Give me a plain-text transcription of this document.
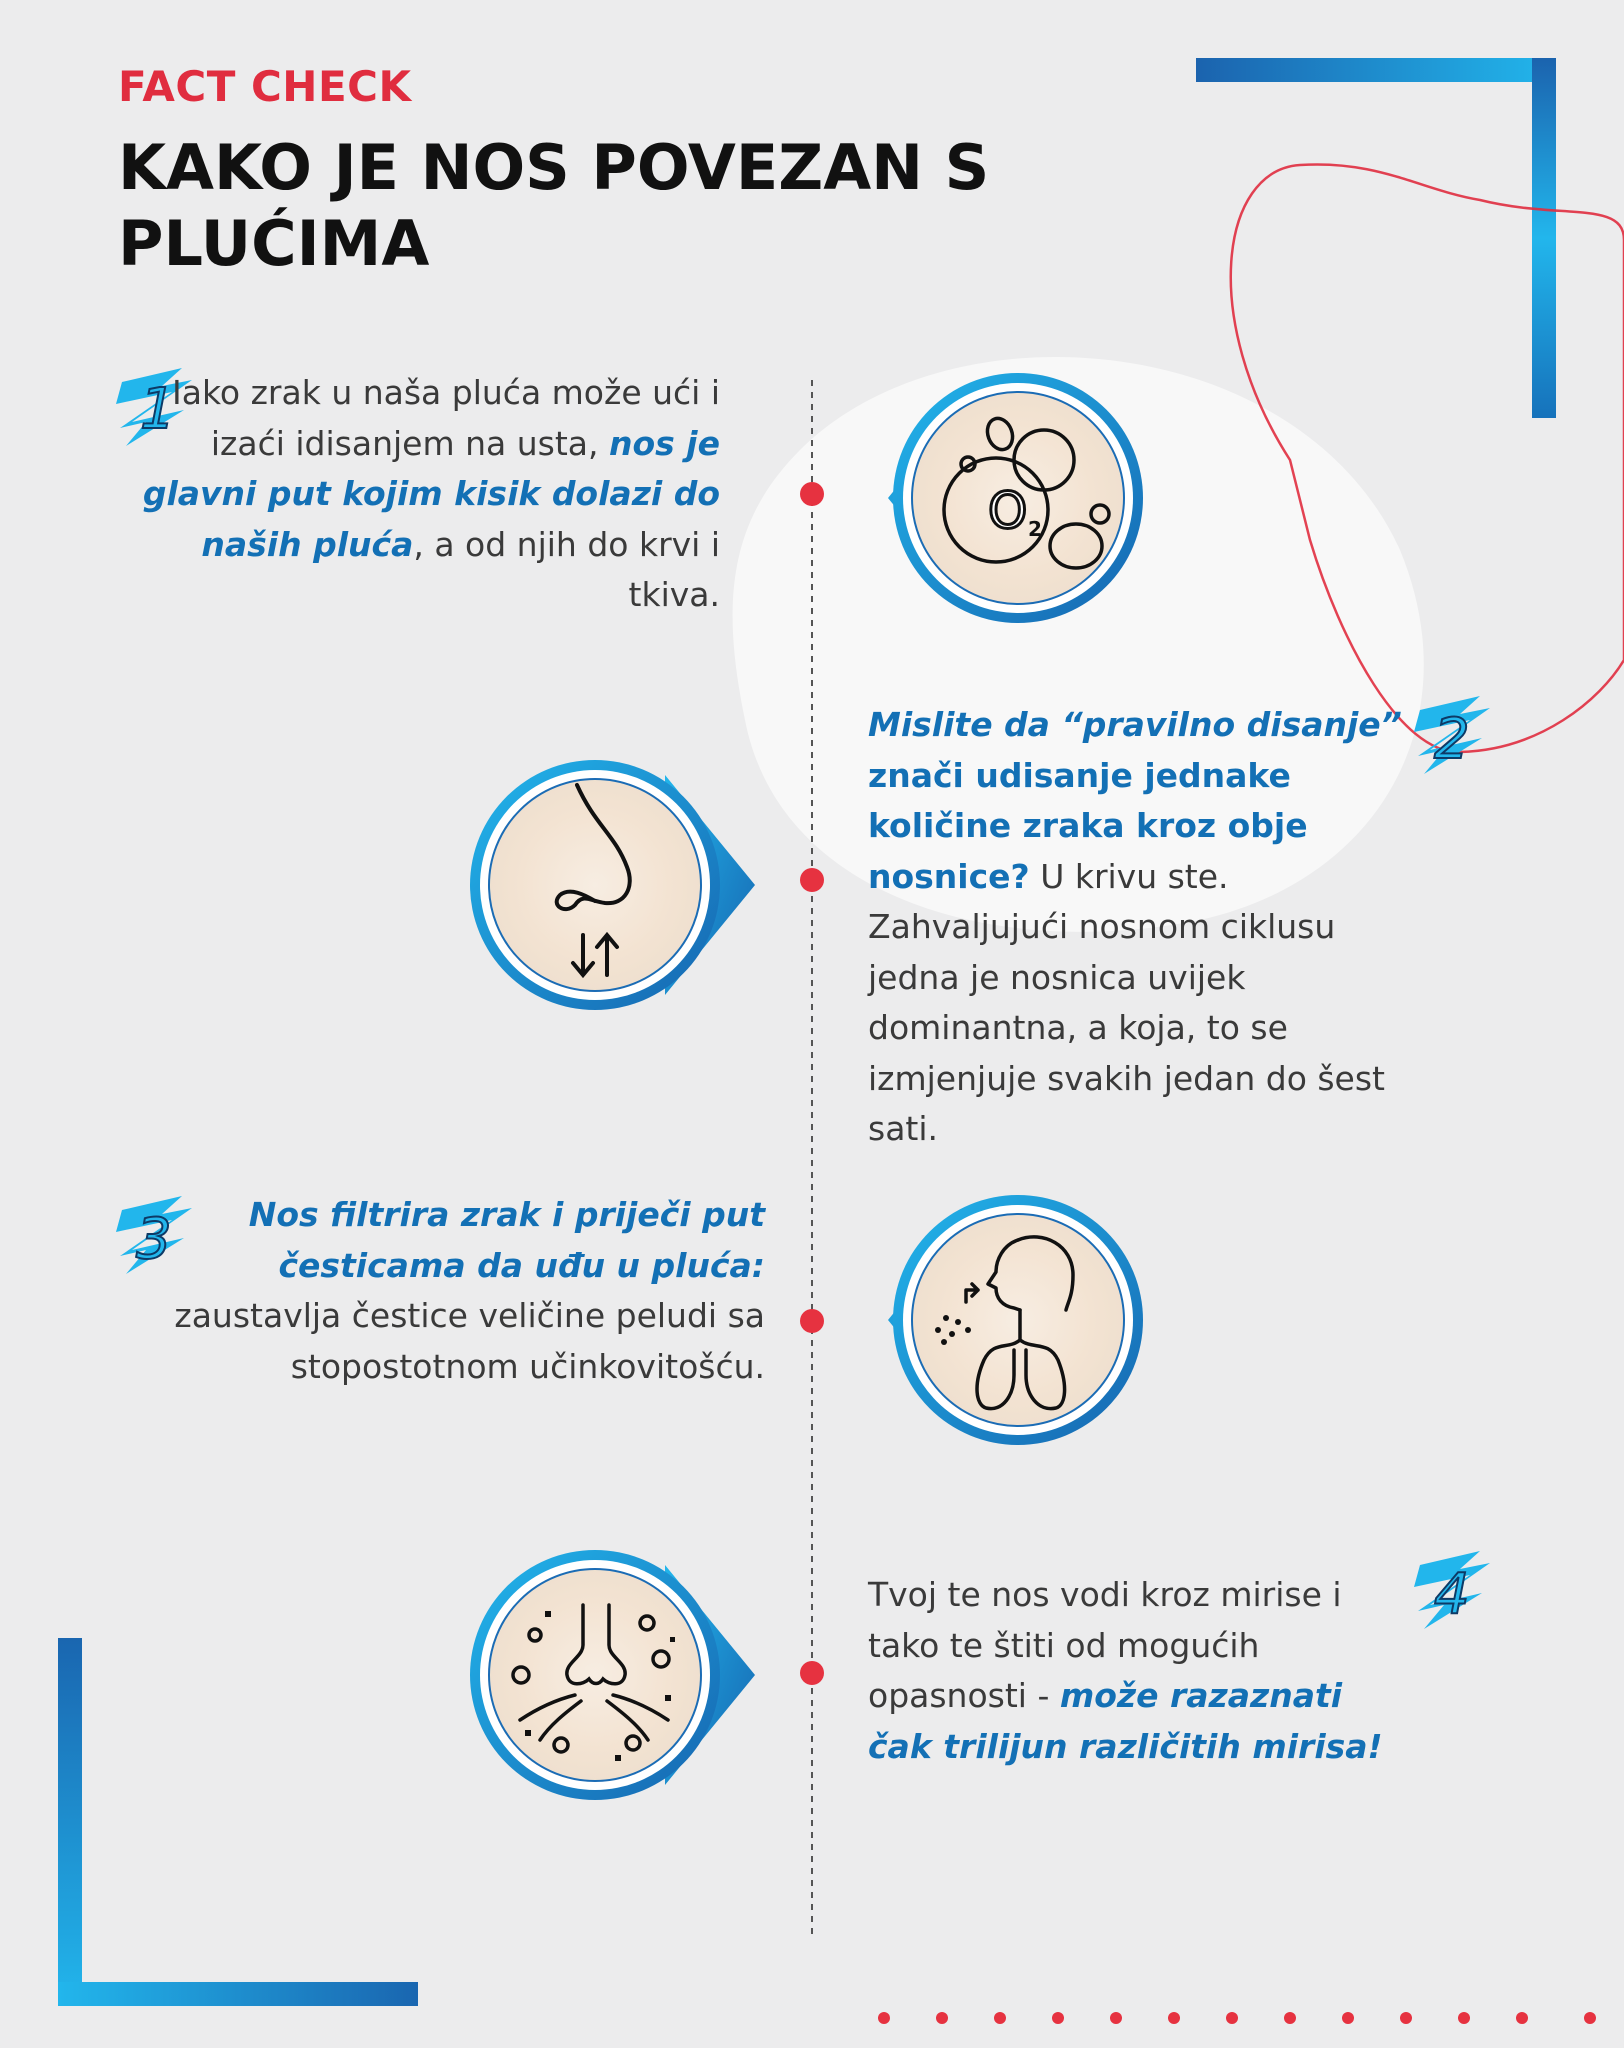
FACT CHECK
KAKO JE NOS POVEZAN S PLUĆIMA
O 2
1
2
3
4
Iako zrak u naša pluća može ući i izaći idisanjem na usta, nos je glavni put kojim kisik dolazi do naših pluća, a od njih do krvi i tkiva.
Mislite da “pravilno disanje” znači udisanje jednake količine zraka kroz obje nosnice? U krivu ste. Zahvaljujući nosnom ciklusu jedna je nosnica uvijek dominantna, a koja, to se izmjenjuje svakih jedan do šest sati.
Nos filtrira zrak i priječi put česticama da uđu u pluća: zaustavlja čestice veličine peludi sa stopostotnom učinkovitošću.
Tvoj te nos vodi kroz mirise i tako te štiti od mogućih opasnosti - može razaznati čak trilijun različitih mirisa!
